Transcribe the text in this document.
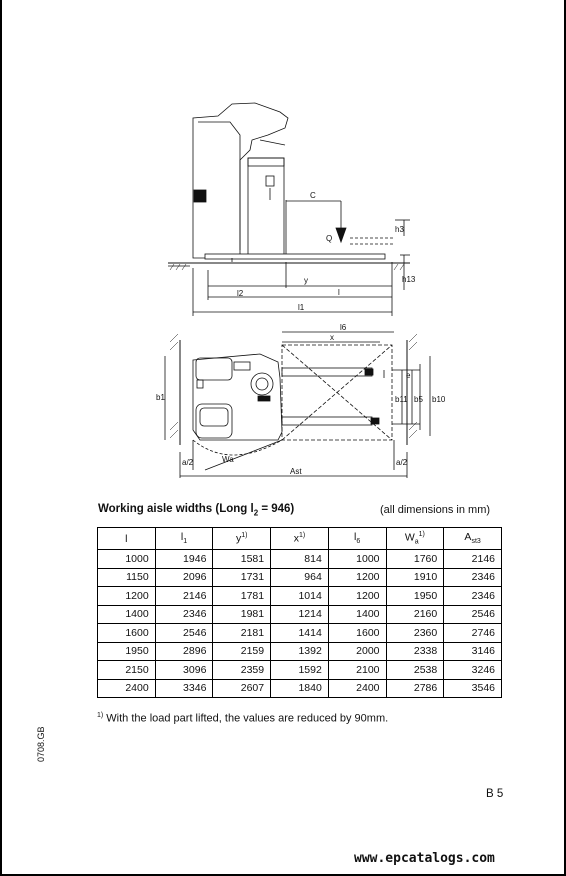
C
Q
h3
h13
y
l2	l
l1
l6
x
e
b11 b5 b10
b1
a/2	a/2
Wa
Ast
Working aisle widths (Long $l_2 = 946$)	(all dimensions in mm)
l	$l_1$	$y^{1)}$	$x^{1)}$	$l_6$	$W_a^{1)}$	$A_{st3}$
1000	1946	1581	814	1000	1760	2146
1150	2096	1731	964	1200	1910	2346
1200	2146	1781	1014	1200	1950	2346
1400	2346	1981	1214	1400	2160	2546
1600	2546	2181	1414	1600	2360	2746
1950	2896	2159	1392	2000	2338	3146
2150	3096	2359	1592	2100	2538	3246
2400	3346	2607	1840	2400	2786	3546
$^{1)}$ With the load part lifted, the values are reduced by 90mm.
0708.GB
B 5
www.epcatalogs.com
